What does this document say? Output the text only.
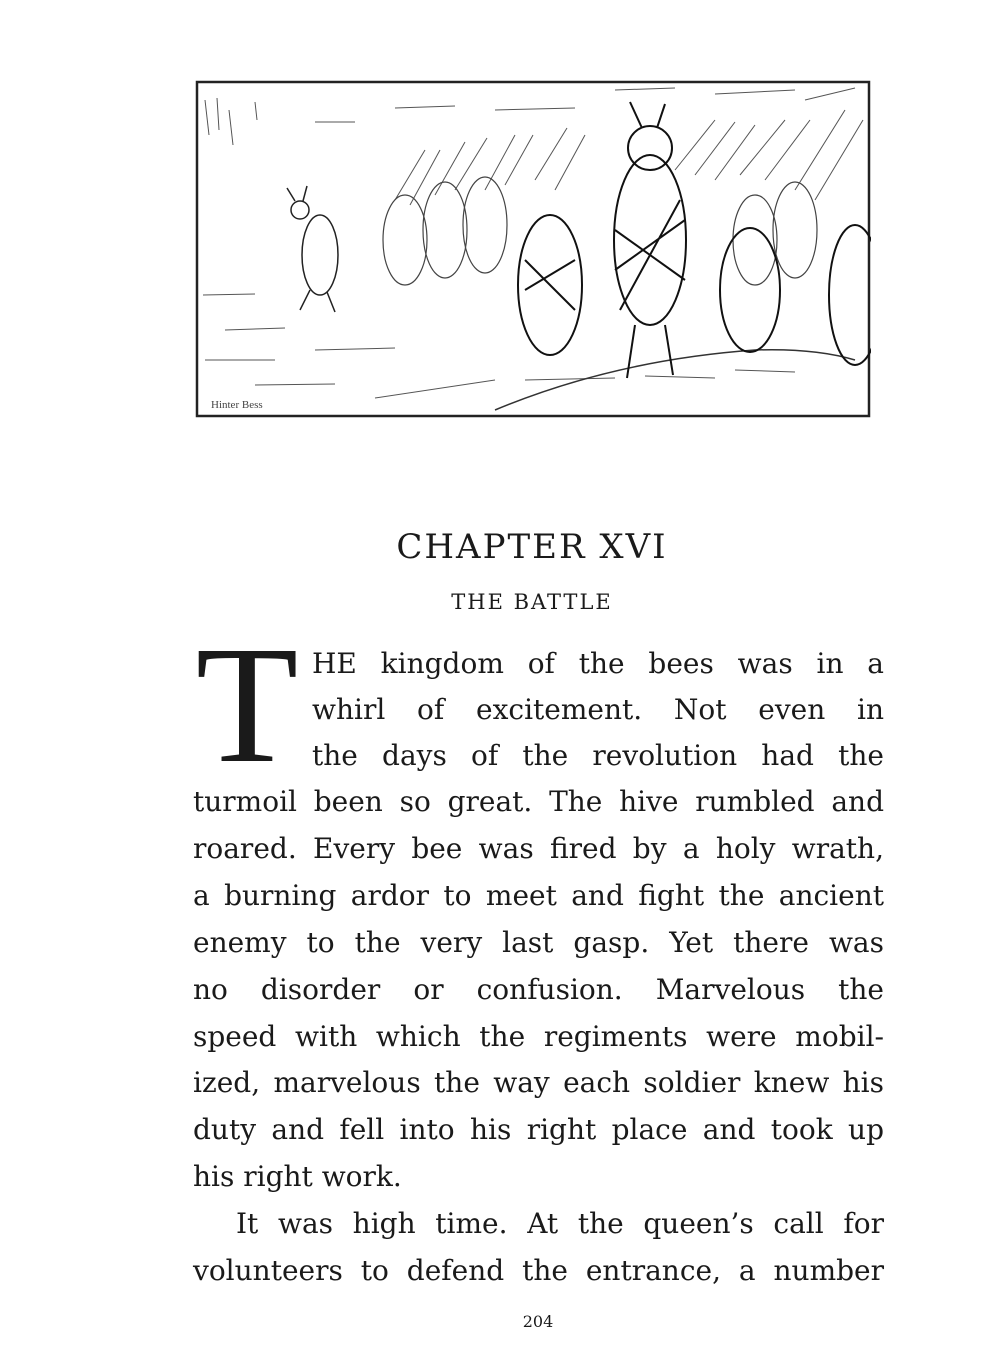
Hinter Bess
CHAPTER XVI
THE BATTLE
T HE kingdom of the bees was in a
whirl of excitement. Not even in
the days of the revolution had the
turmoil been so great. The hive rumbled and
roared. Every bee was fired by a holy wrath,
a burning ardor to meet and fight the ancient
enemy to the very last gasp. Yet there was
no disorder or confusion. Marvelous the
speed with which the regiments were mobil-
ized, marvelous the way each soldier knew his
duty and fell into his right place and took up
his right work.
It was high time. At the queen’s call for
volunteers to defend the entrance, a number
204
